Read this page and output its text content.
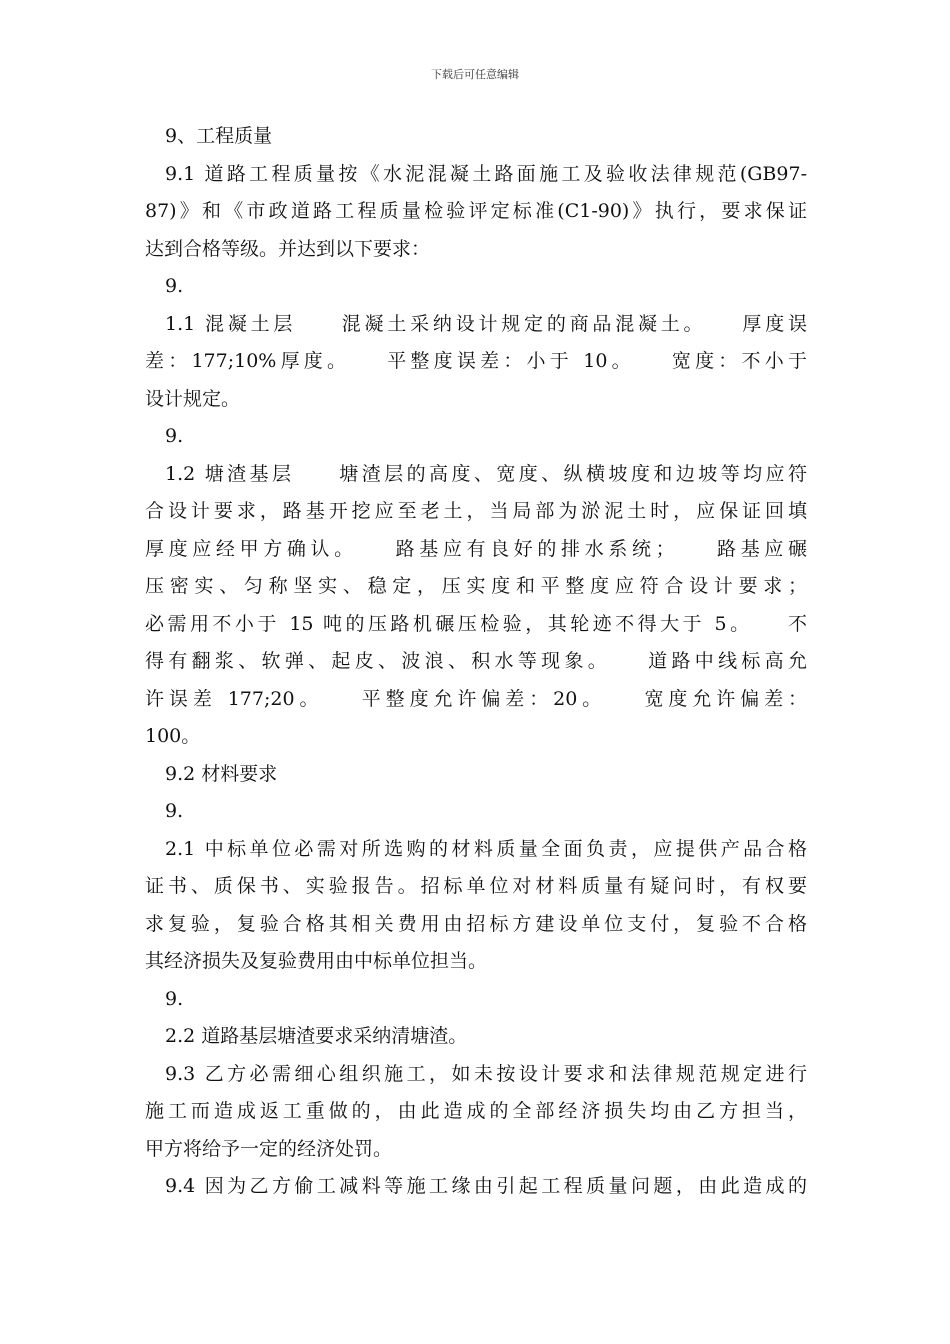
下载后可任意编辑
9、工程质量
9.1 道路工程质量按《水泥混凝土路面施工及验收法律规范(GB97-
87)》和《市政道路工程质量检验评定标准(C1-90)》执行，要求保证
达到合格等级。并达到以下要求：
9.
1.1 混凝土层　　混凝土采纳设计规定的商品混凝土。　　厚度误
差：177;10%厚度。　　平整度误差：小于 10。　　宽度：不小于
设计规定。
9.
1.2 塘渣基层　　塘渣层的高度、宽度、纵横坡度和边坡等均应符
合设计要求，路基开挖应至老土，当局部为淤泥土时，应保证回填
厚度应经甲方确认。　　路基应有良好的排水系统；　　路基应碾
压密实、匀称坚实、稳定，压实度和平整度应符合设计要求；
必需用不小于 15 吨的压路机碾压检验，其轮迹不得大于 5。　　不
得有翻浆、软弹、起皮、波浪、积水等现象。　　道路中线标高允
许误差 177;20。　　平整度允许偏差：20。　　宽度允许偏差：
100。
9.2 材料要求
9.
2.1 中标单位必需对所选购的材料质量全面负责，应提供产品合格
证书、质保书、实验报告。招标单位对材料质量有疑问时，有权要
求复验，复验合格其相关费用由招标方建设单位支付，复验不合格
其经济损失及复验费用由中标单位担当。
9.
2.2 道路基层塘渣要求采纳清塘渣。
9.3 乙方必需细心组织施工，如未按设计要求和法律规范规定进行
施工而造成返工重做的，由此造成的全部经济损失均由乙方担当，
甲方将给予一定的经济处罚。
9.4 因为乙方偷工减料等施工缘由引起工程质量问题，由此造成的
